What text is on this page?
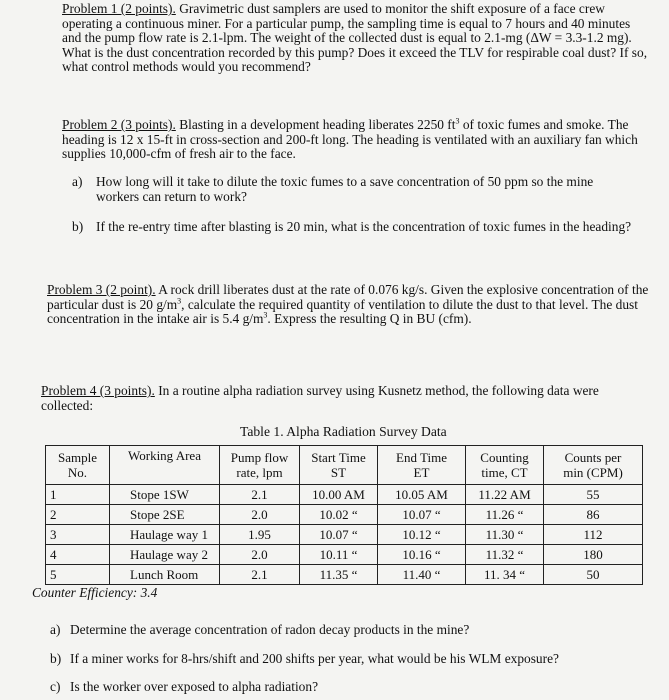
Problem 1 (2 points). Gravimetric dust samplers are used to monitor the shift exposure of a face crew operating a continuous miner. For a particular pump, the sampling time is equal to 7 hours and 40 minutes and the pump flow rate is 2.1-lpm. The weight of the collected dust is equal to 2.1-mg (ΔW = 3.3-1.2 mg). What is the dust concentration recorded by this pump? Does it exceed the TLV for respirable coal dust? If so, what control methods would you recommend?
Problem 2 (3 points). Blasting in a development heading liberates 2250 $ft^3$ of toxic fumes and smoke. The heading is 12 x 15-ft in cross-section and 200-ft long. The heading is ventilated with an auxiliary fan which supplies 10,000-cfm of fresh air to the face.
a) How long will it take to dilute the toxic fumes to a save concentration of 50 ppm so the mine workers can return to work?
b) If the re-entry time after blasting is 20 min, what is the concentration of toxic fumes in the heading?
Problem 3 (2 point). A rock drill liberates dust at the rate of 0.076 kg/s. Given the explosive concentration of the particular dust is 20 $g/m^3$, calculate the required quantity of ventilation to dilute the dust to that level. The dust concentration in the intake air is 5.4 $g/m^3$. Express the resulting Q in BU (cfm).
Problem 4 (3 points). In a routine alpha radiation survey using Kusnetz method, the following data were collected:
Table 1. Alpha Radiation Survey Data
Sample
No.	Working Area	Pump flow
rate, lpm	Start Time
ST	End Time
ET	Counting
time, CT	Counts per
min (CPM)
1	Stope 1SW	2.1	10.00 AM	10.05 AM	11.22 AM	55
2	Stope 2SE	2.0	10.02 “	10.07 “	11.26 “	86
3	Haulage way 1	1.95	10.07 “	10.12 “	11.30 “	112
4	Haulage way 2	2.0	10.11 “	10.16 “	11.32 “	180
5	Lunch Room	2.1	11.35 “	11.40 “	11. 34 “	50
Counter Efficiency: 3.4
a) Determine the average concentration of radon decay products in the mine?
b) If a miner works for 8-hrs/shift and 200 shifts per year, what would be his WLM exposure?
c) Is the worker over exposed to alpha radiation?
